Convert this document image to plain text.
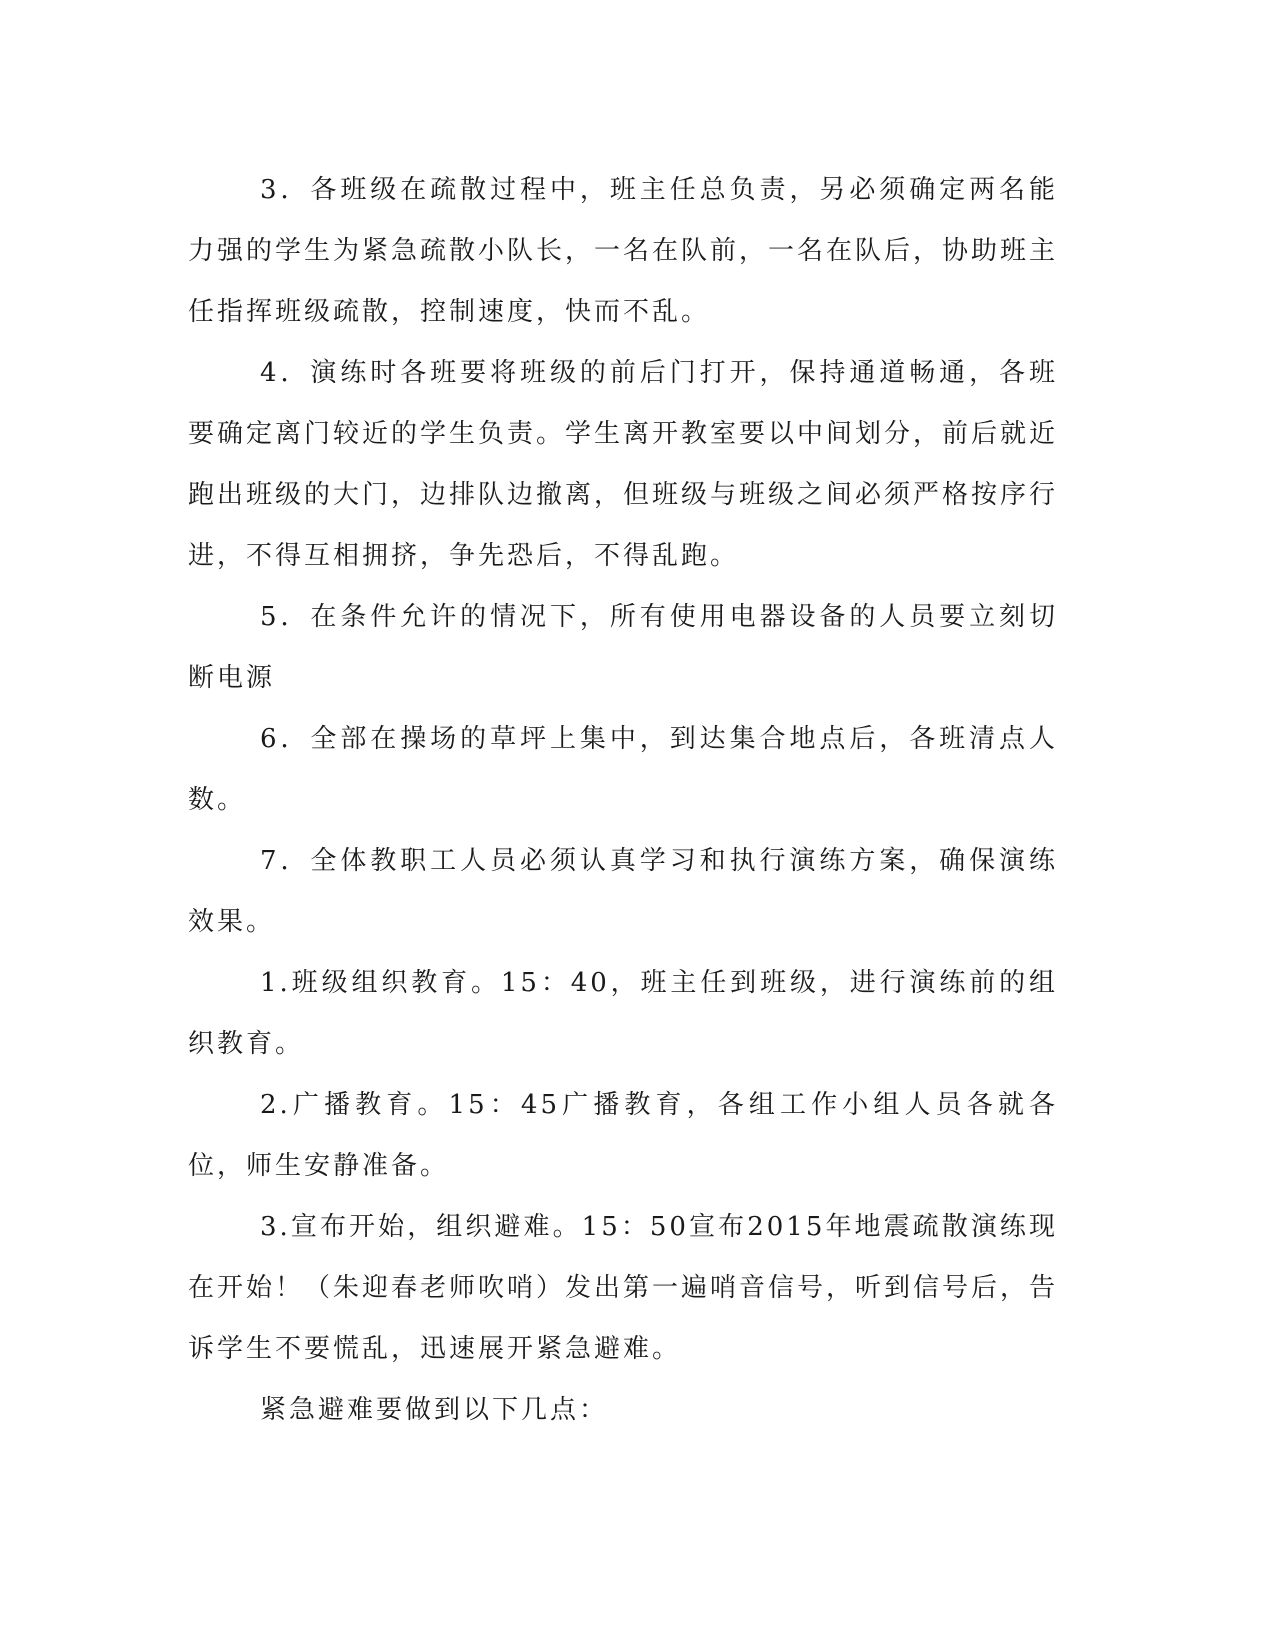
3．各班级在疏散过程中，班主任总负责，另必须确定两名能力强的学生为紧急疏散小队长，一名在队前，一名在队后，协助班主任指挥班级疏散，控制速度，快而不乱。

4．演练时各班要将班级的前后门打开，保持通道畅通，各班要确定离门较近的学生负责。学生离开教室要以中间划分，前后就近跑出班级的大门，边排队边撤离，但班级与班级之间必须严格按序行进，不得互相拥挤，争先恐后，不得乱跑。

5．在条件允许的情况下，所有使用电器设备的人员要立刻切断电源

6．全部在操场的草坪上集中，到达集合地点后，各班清点人数。

7．全体教职工人员必须认真学习和执行演练方案，确保演练效果。

1.班级组织教育。15：40，班主任到班级，进行演练前的组织教育。

2.广播教育。15：45广播教育，各组工作小组人员各就各位，师生安静准备。

3.宣布开始，组织避难。15：50宣布2015年地震疏散演练现在开始！（朱迎春老师吹哨）发出第一遍哨音信号，听到信号后，告诉学生不要慌乱，迅速展开紧急避难。

紧急避难要做到以下几点：
